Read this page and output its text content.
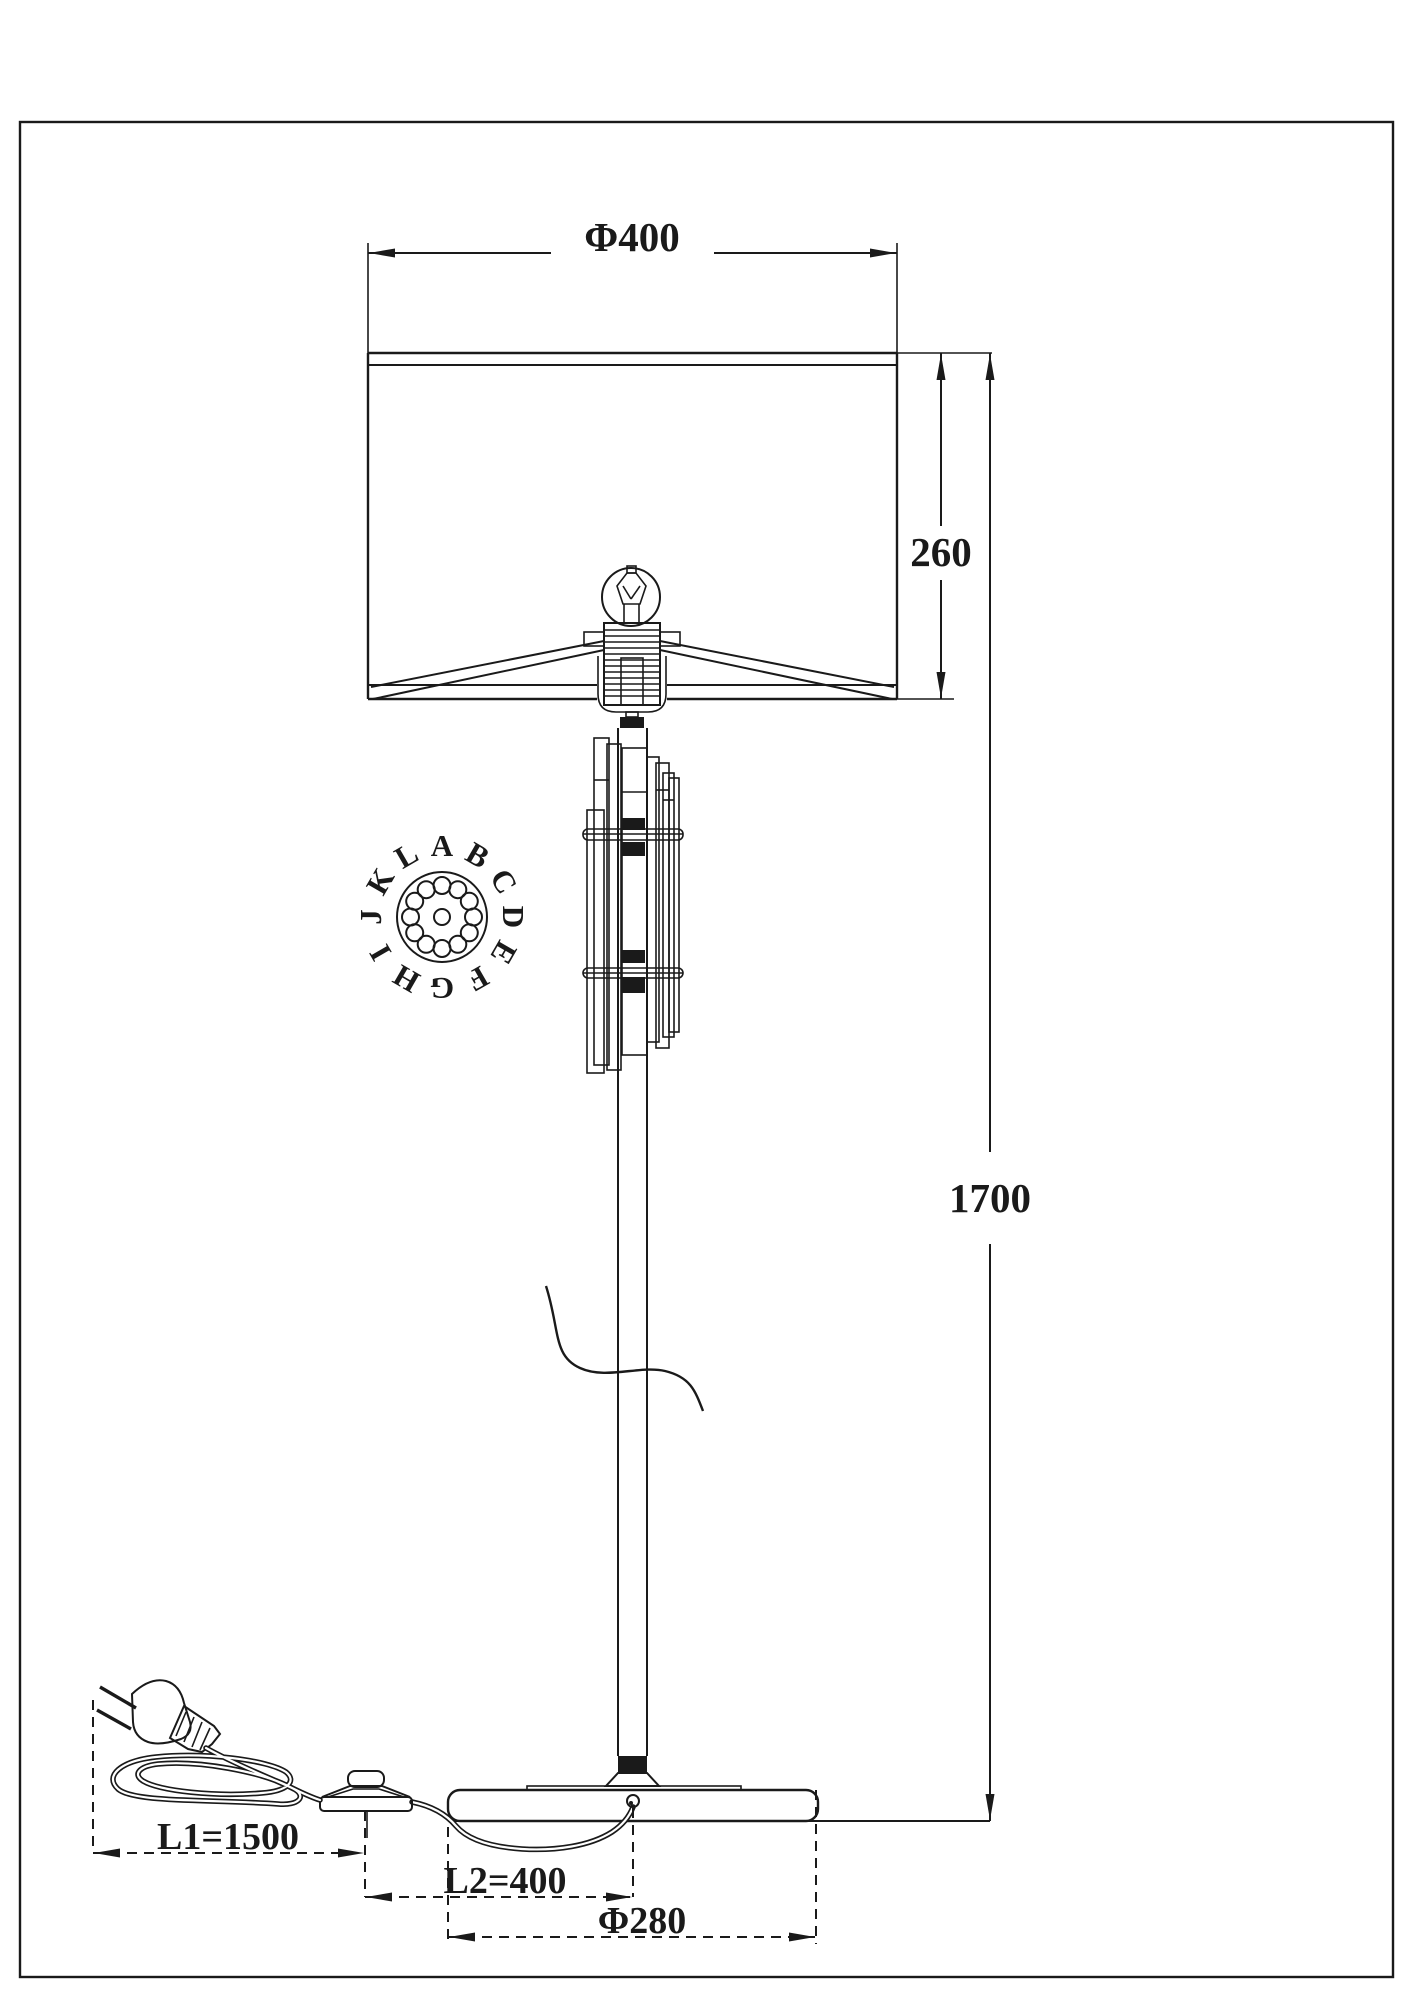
Φ400
260
1700
A B
C
D
E
F
G
H
I
J
K
L
L1=1500
L2=400
Φ280
